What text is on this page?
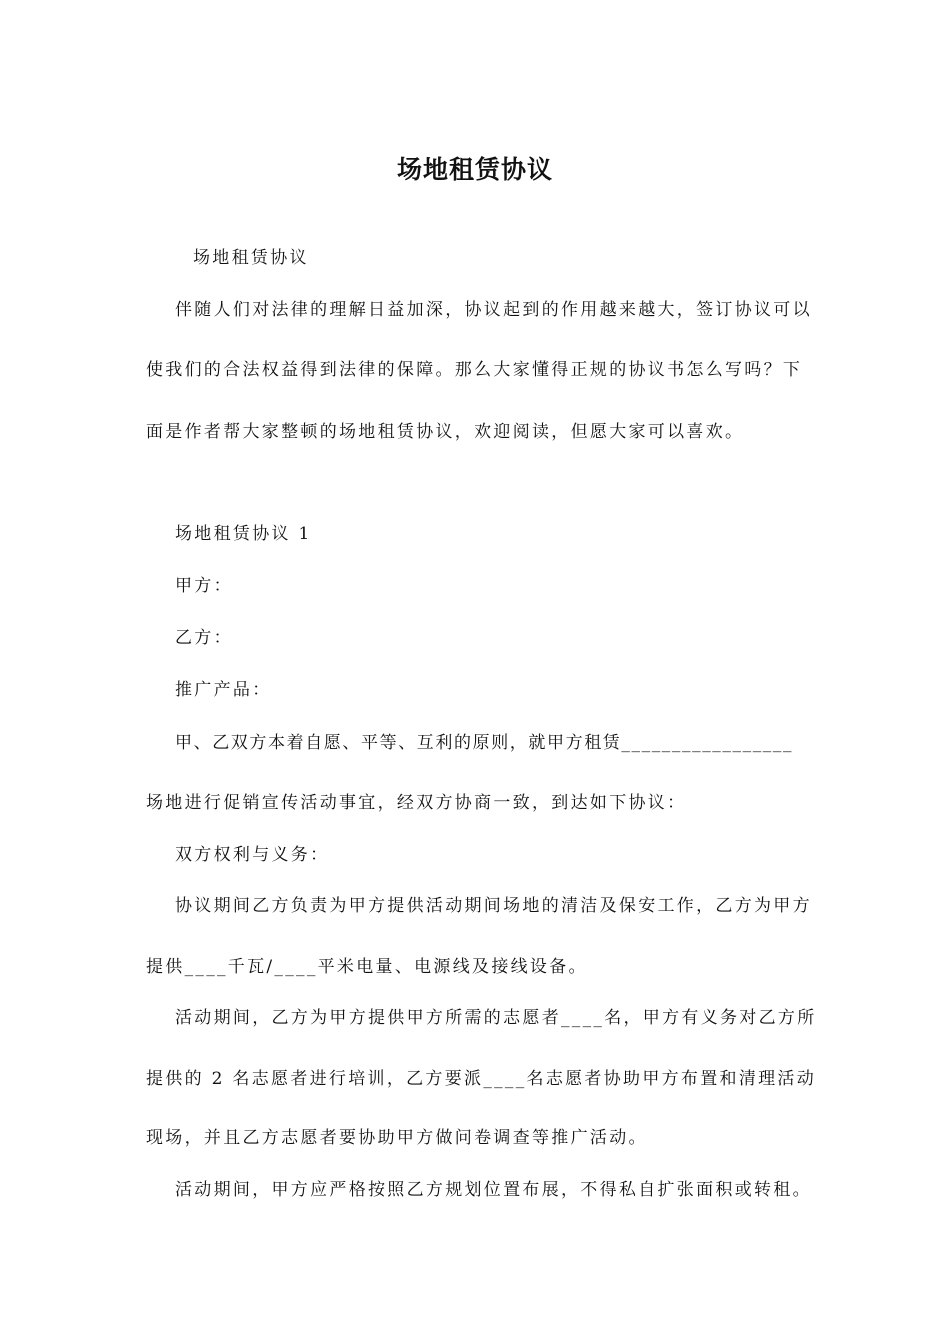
场地租赁协议
场地租赁协议
伴随人们对法律的理解日益加深，协议起到的作用越来越大，签订协议可以
使我们的合法权益得到法律的保障。那么大家懂得正规的协议书怎么写吗？下
面是作者帮大家整顿的场地租赁协议，欢迎阅读，但愿大家可以喜欢。
场地租赁协议 1
甲方：
乙方：
推广产品：
甲、乙双方本着自愿、平等、互利的原则，就甲方租赁_________________
场地进行促销宣传活动事宜，经双方协商一致，到达如下协议：
双方权利与义务：
协议期间乙方负责为甲方提供活动期间场地的清洁及保安工作，乙方为甲方
提供____千瓦/____平米电量、电源线及接线设备。
活动期间，乙方为甲方提供甲方所需的志愿者____名，甲方有义务对乙方所
提供的 2 名志愿者进行培训，乙方要派____名志愿者协助甲方布置和清理活动
现场，并且乙方志愿者要协助甲方做问卷调查等推广活动。
活动期间，甲方应严格按照乙方规划位置布展，不得私自扩张面积或转租。
